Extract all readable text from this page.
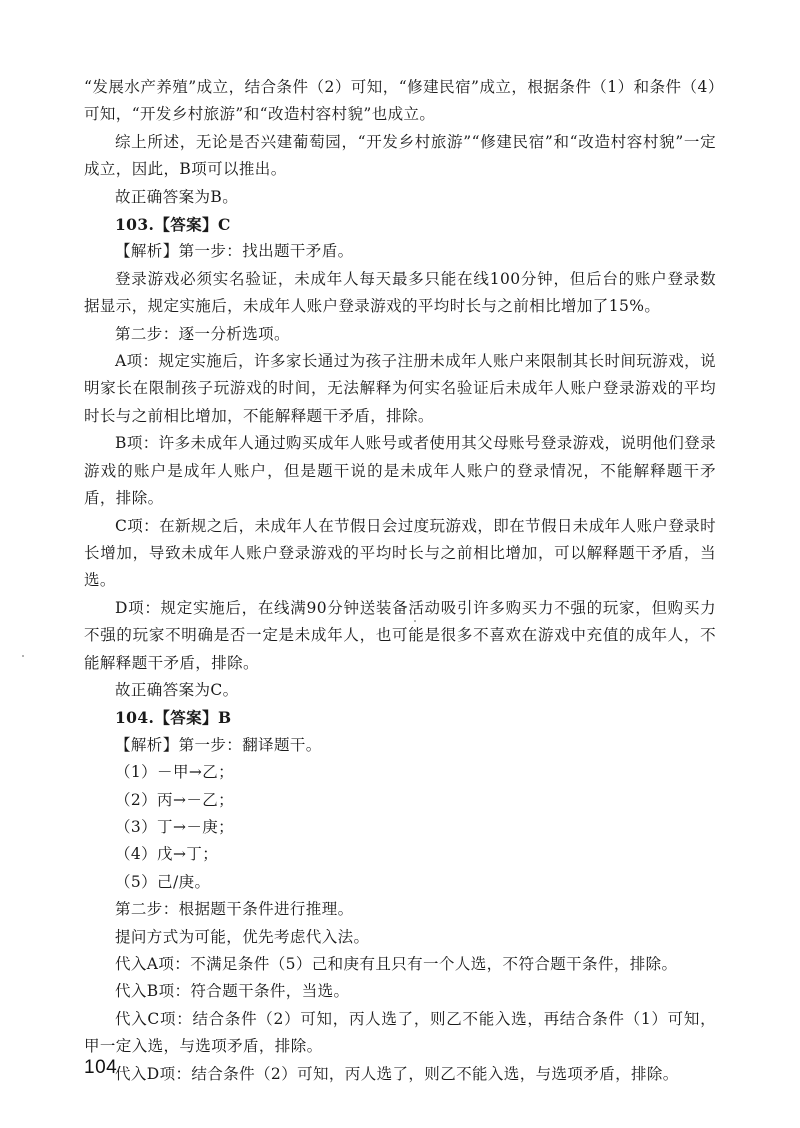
“发展水产养殖”成立，结合条件（2）可知，“修建民宿”成立，根据条件（1）和条件（4）可知，“开发乡村旅游”和“改造村容村貌”也成立。

综上所述，无论是否兴建葡萄园，“开发乡村旅游”“修建民宿”和“改造村容村貌”一定成立，因此，B项可以推出。

故正确答案为B。

103.【答案】C

【解析】第一步：找出题干矛盾。

登录游戏必须实名验证，未成年人每天最多只能在线100分钟，但后台的账户登录数据显示，规定实施后，未成年人账户登录游戏的平均时长与之前相比增加了15%。

第二步：逐一分析选项。

A项：规定实施后，许多家长通过为孩子注册未成年人账户来限制其长时间玩游戏，说明家长在限制孩子玩游戏的时间，无法解释为何实名验证后未成年人账户登录游戏的平均时长与之前相比增加，不能解释题干矛盾，排除。

B项：许多未成年人通过购买成年人账号或者使用其父母账号登录游戏，说明他们登录游戏的账户是成年人账户，但是题干说的是未成年人账户的登录情况，不能解释题干矛盾，排除。

C项：在新规之后，未成年人在节假日会过度玩游戏，即在节假日未成年人账户登录时长增加，导致未成年人账户登录游戏的平均时长与之前相比增加，可以解释题干矛盾，当选。

D项：规定实施后，在线满90分钟送装备活动吸引许多购买力不强的玩家，但购买力不强的玩家不明确是否一定是未成年人，也可能是很多不喜欢在游戏中充值的成年人，不能解释题干矛盾，排除。

故正确答案为C。

104.【答案】B

【解析】第一步：翻译题干。

（1）－甲→乙；

（2）丙→－乙；

（3）丁→－庚；

（4）戊→丁；

（5）己/庚。

第二步：根据题干条件进行推理。

提问方式为可能，优先考虑代入法。

代入A项：不满足条件（5）己和庚有且只有一个人选，不符合题干条件，排除。

代入B项：符合题干条件，当选。

代入C项：结合条件（2）可知，丙人选了，则乙不能入选，再结合条件（1）可知，甲一定入选，与选项矛盾，排除。

代入D项：结合条件（2）可知，丙人选了，则乙不能入选，与选项矛盾，排除。

104
